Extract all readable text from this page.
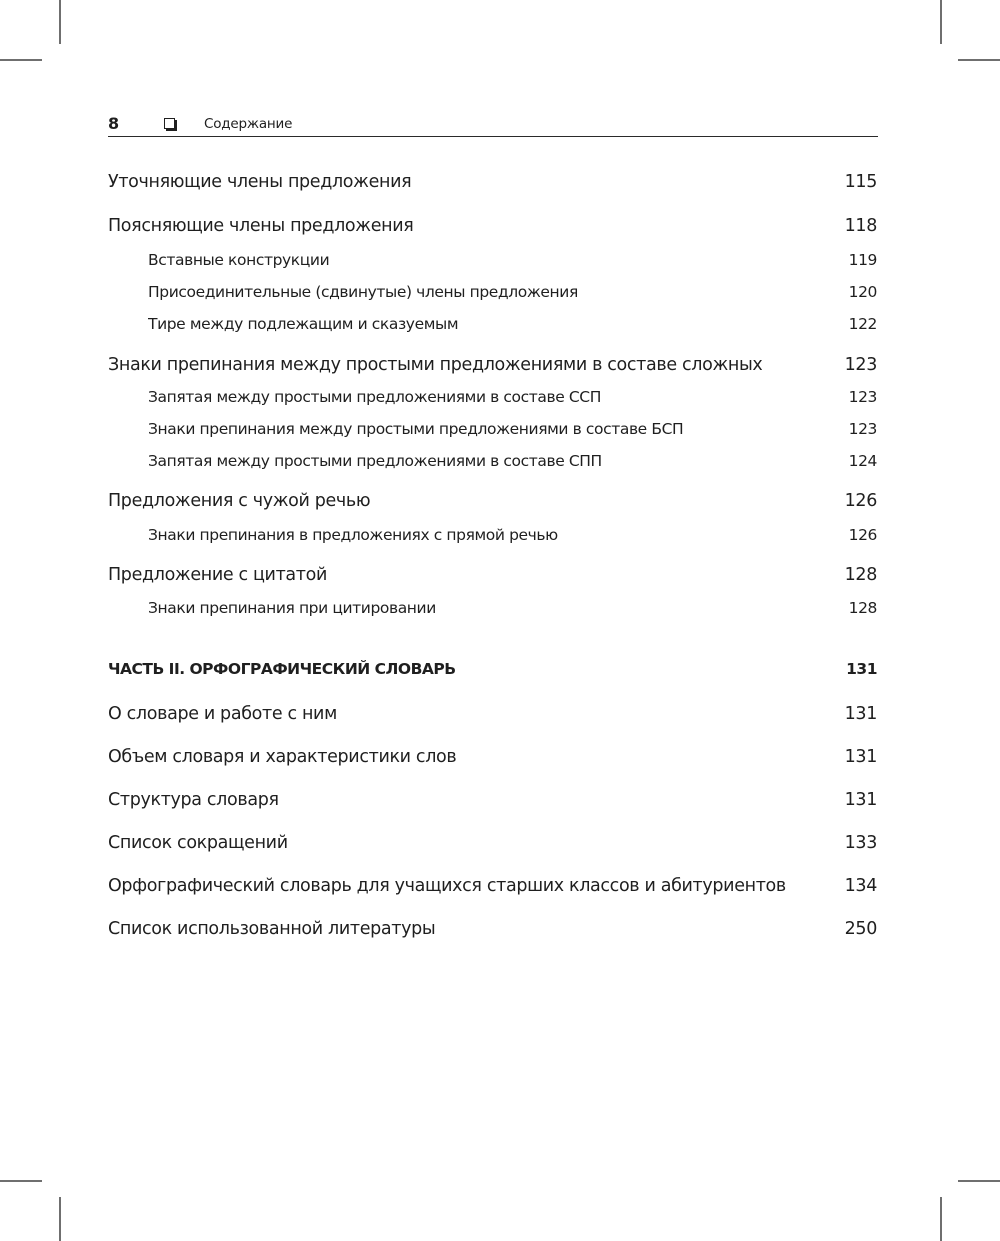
8	Содержание
Уточняющие члены предложения	115
Поясняющие члены предложения	118
Вставные конструкции	119
Присоединительные (сдвинутые) члены предложения	120
Тире между подлежащим и сказуемым	122
Знаки препинания между простыми предложениями в составе сложных	123
Запятая между простыми предложениями в составе ССП	123
Знаки препинания между простыми предложениями в составе БСП	123
Запятая между простыми предложениями в составе СПП	124
Предложения с чужой речью	126
Знаки препинания в предложениях с прямой речью	126
Предложение с цитатой	128
Знаки препинания при цитировании	128
ЧАСТЬ II. ОРФОГРАФИЧЕСКИЙ СЛОВАРЬ	131
О словаре и работе с ним	131
Объем словаря и характеристики слов	131
Структура словаря	131
Список сокращений	133
Орфографический словарь для учащихся старших классов и абитуриентов	134
Список использованной литературы	250
